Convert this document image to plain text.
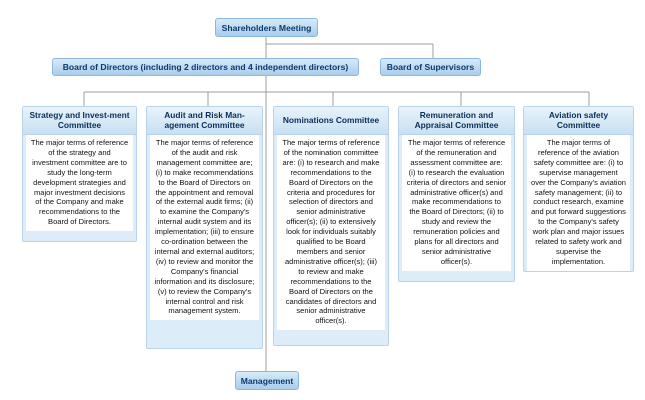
Shareholders Meeting
Board of Directors (including 2 directors and 4 independent directors)	Board of Supervisors
Strategy and Invest-ment Committee
The major terms of reference of the strategy and investment committee are to study the long-term development strategies and major investment decisions of the Company and make recommendations to the Board of Directors.
Audit and Risk Man-agement Committee
The major terms of reference of the audit and risk management committee are; (i) to make recommendations to the Board of Directors on the appointment and removal of the external audit firms; (ii) to examine the Company's internal audit system and its implementation; (iii) to ensure co-ordination between the internal and external auditors; (iv) to review and monitor the Company's financial information and its disclosure; (v) to review the Company's internal control and risk management system.
Nominations Committee
The major terms of reference of the nomination committee are: (i) to research and make recommendations to the Board of Directors on the criteria and procedures for selection of directors and senior administrative officer(s); (ii) to extensively look for individuals suitably qualified to be Board members and senior administrative officer(s); (iii) to review and make recommendations to the Board of Directors on the candidates of directors and senior administrative officer(s).
Remuneration and Appraisal Committee
The major terms of reference of the remuneration and assessment committee are: (i) to research the evaluation criteria of directors and senior administrative officer(s) and make recommendations to the Board of Directors; (ii) to study and review the remuneration policies and plans for all directors and senior administrative officer(s).
Aviation safety Committee
The major terms of reference of the aviation safety committee are: (i) to supervise management over the Company's aviation safety management; (ii) to conduct research, examine and put forward suggestions to the Company's safety work plan and major issues related to safety work and supervise the implementation.
Management
